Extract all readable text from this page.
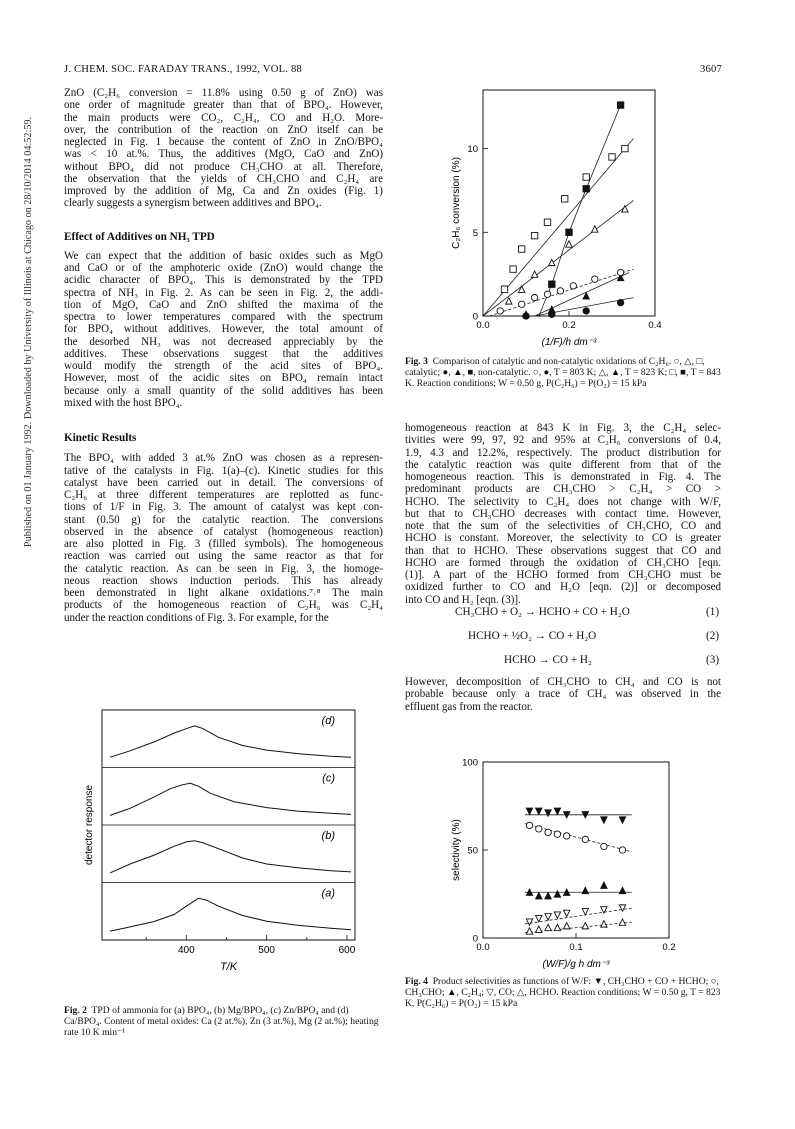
Published on 01 January 1992. Downloaded by University of Illinois at Chicago on 28/10/2014 04:52:59.
J. CHEM. SOC. FARADAY TRANS., 1992, VOL. 88	3607
ZnO (C₂H₆ conversion = 11.8% using 0.50 g of ZnO) was
one order of magnitude greater than that of BPO₄. However,
the main products were CO₂, C₂H₄, CO and H₂O. More-
over, the contribution of the reaction on ZnO itself can be
neglected in Fig. 1 because the content of ZnO in ZnO/BPO₄
was < 10 at.%. Thus, the additives (MgO, CaO and ZnO)
without BPO₄ did not produce CH₃CHO at all. Therefore,
the observation that the yields of CH₃CHO and C₂H₄ are
improved by the addition of Mg, Ca and Zn oxides (Fig. 1)
clearly suggests a synergism between additives and BPO₄.
Effect of Additives on NH₃ TPD
We can expect that the addition of basic oxides such as MgO
and CaO or of the amphoteric oxide (ZnO) would change the
acidic character of BPO₄. This is demonstrated by the TPD
spectra of NH₃ in Fig. 2. As can be seen in Fig. 2, the addi-
tion of MgO, CaO and ZnO shifted the maxima of the
spectra to lower temperatures compared with the spectrum
for BPO₄ without additives. However, the total amount of
the desorbed NH₃ was not decreased appreciably by the
additives. These observations suggest that the additives
would modify the strength of the acid sites of BPO₄.
However, most of the acidic sites on BPO₄ remain intact
because only a small quantity of the solid additives has been
mixed with the host BPO₄.
Kinetic Results
The BPO₄ with added 3 at.% ZnO was chosen as a represen-
tative of the catalysts in Fig. 1(a)–(c). Kinetic studies for this
catalyst have been carried out in detail. The conversions of
C₂H₆ at three different temperatures are replotted as func-
tions of 1/F in Fig. 3. The amount of catalyst was kept con-
stant (0.50 g) for the catalytic reaction. The conversions
observed in the absence of catalyst (homogeneous reaction)
are also plotted in Fig. 3 (filled symbols). The homogeneous
reaction was carried out using the same reactor as that for
the catalytic reaction. As can be seen in Fig. 3, the homoge-
neous reaction shows induction periods. This has already
been demonstrated in light alkane oxidations.⁷˒⁸ The main
products of the homogeneous reaction of C₂H₆ was C₂H₄
under the reaction conditions of Fig. 3. For example, for the
(d)
(c)
(b)
(a)
400	500	600
T/K
detector response
Fig. 2 TPD of ammonia for (a) BPO₄, (b) Mg/BPO₄, (c) Zn/BPO₄ and (d) Ca/BPO₄. Content of metal oxides: Ca (2 at.%), Zn (3 at.%), Mg (2 at.%); heating rate 10 K min⁻¹
0.0	0.2	0.4
0
5
10
(1/F)/h dm⁻³
C₂H₆ conversion (%)
Fig. 3 Comparison of catalytic and non-catalytic oxidations of C₂H₆. ○, △, □, catalytic; ●, ▲, ■, non-catalytic. ○, ●, T = 803 K; △, ▲, T = 823 K; □, ■, T = 843 K. Reaction conditions; W = 0.50 g, P(C₂H₆) = P(O₂) = 15 kPa
homogeneous reaction at 843 K in Fig. 3, the C₂H₄ selec-
tivities were 99, 97, 92 and 95% at C₂H₆ conversions of 0.4,
1.9, 4.3 and 12.2%, respectively. The product distribution for
the catalytic reaction was quite different from that of the
homogeneous reaction. This is demonstrated in Fig. 4. The
predominant products are CH₃CHO > C₂H₄ > CO >
HCHO. The selectivity to C₂H₄ does not change with W/F,
but that to CH₃CHO decreases with contact time. However,
note that the sum of the selectivities of CH₃CHO, CO and
HCHO is constant. Moreover, the selectivity to CO is greater
than that to HCHO. These observations suggest that CO and
HCHO are formed through the oxidation of CH₃CHO [eqn.
(1)]. A part of the HCHO formed from CH₃CHO must be
oxidized further to CO and H₂O [eqn. (2)] or decomposed
into CO and H₂ [eqn. (3)].
CH₃CHO + O₂ → HCHO + CO + H₂O	(1)
HCHO + ½O₂ → CO + H₂O	(2)
HCHO → CO + H₂	(3)
However, decomposition of CH₃CHO to CH₄ and CO is not
probable because only a trace of CH₄ was observed in the
effluent gas from the reactor.
0.0	0.1	0.2
0
50
100
(W/F)/g h dm⁻³
selectivity (%)
Fig. 4 Product selectivities as functions of W/F: ▼, CH₃CHO + CO + HCHO; ○, CH₃CHO; ▲, C₂H₄; ▽, CO; △, HCHO. Reaction conditions; W = 0.50 g, T = 823 K, P(C₂H₆) = P(O₂) = 15 kPa
